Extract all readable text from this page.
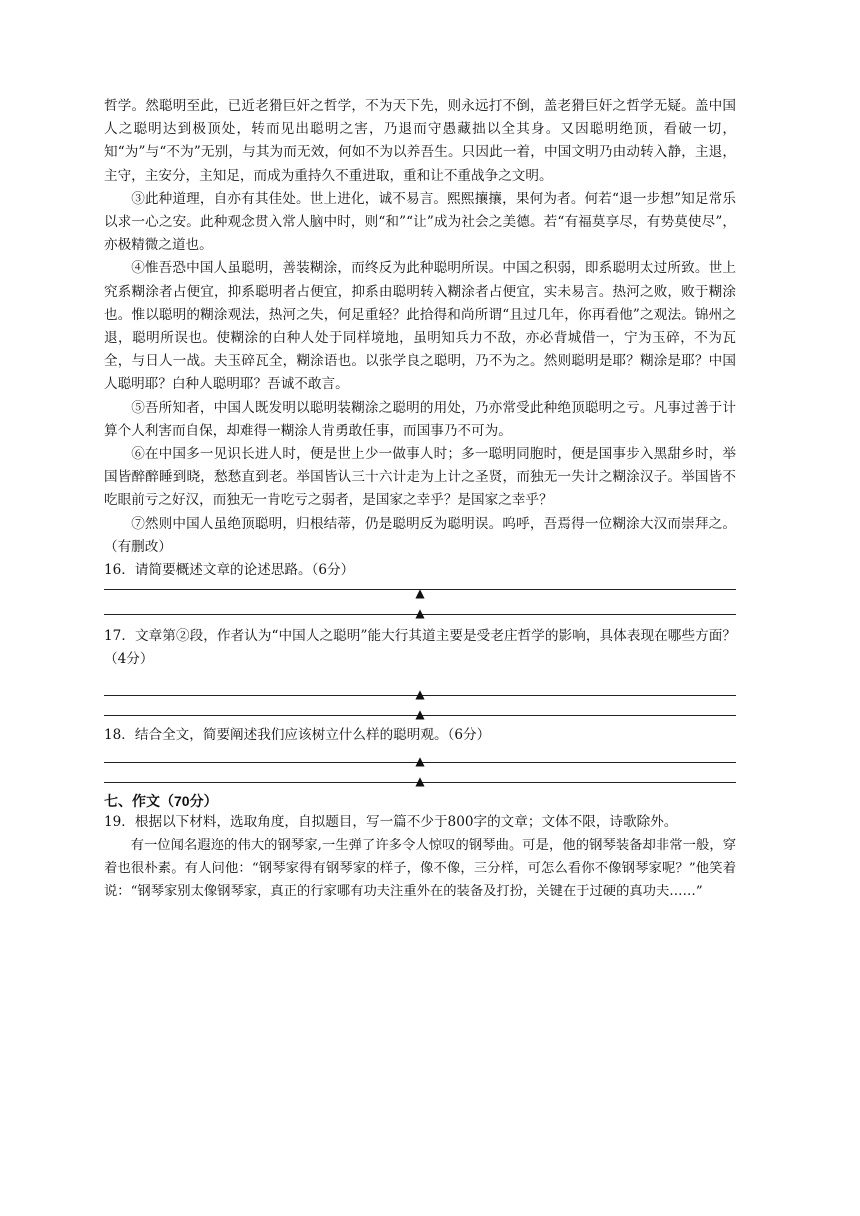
哲学。然聪明至此，已近老猾巨奸之哲学，不为天下先，则永远打不倒，盖老猾巨奸之哲学无疑。盖中国人之聪明达到极顶处，转而见出聪明之害，乃退而守愚藏拙以全其身。又因聪明绝顶，看破一切，知“为”与“不为”无别，与其为而无效，何如不为以养吾生。只因此一着，中国文明乃由动转入静，主退，主守，主安分，主知足，而成为重持久不重进取，重和让不重战争之文明。

③此种道理，自亦有其佳处。世上进化，诚不易言。熙熙攘攘，果何为者。何若“退一步想”知足常乐以求一心之安。此种观念贯入常人脑中时，则“和”“让”成为社会之美德。若“有福莫享尽，有势莫使尽”，亦极精微之道也。

④惟吾恐中国人虽聪明，善装糊涂，而终反为此种聪明所误。中国之积弱，即系聪明太过所致。世上究系糊涂者占便宜，抑系聪明者占便宜，抑系由聪明转入糊涂者占便宜，实未易言。热河之败，败于糊涂也。惟以聪明的糊涂观法，热河之失，何足重轻？此拾得和尚所谓“且过几年，你再看他”之观法。锦州之退，聪明所误也。使糊涂的白种人处于同样境地，虽明知兵力不敌，亦必背城借一，宁为玉碎，不为瓦全，与日人一战。夫玉碎瓦全，糊涂语也。以张学良之聪明，乃不为之。然则聪明是耶？糊涂是耶？中国人聪明耶？白种人聪明耶？吾诚不敢言。

⑤吾所知者，中国人既发明以聪明装糊涂之聪明的用处，乃亦常受此种绝顶聪明之亏。凡事过善于计算个人利害而自保，却难得一糊涂人肯勇敢任事，而国事乃不可为。

⑥在中国多一见识长进人时，便是世上少一做事人时；多一聪明同胞时，便是国事步入黑甜乡时，举国皆醉醉睡到晓，愁愁直到老。举国皆认三十六计走为上计之圣贤，而独无一失计之糊涂汉子。举国皆不吃眼前亏之好汉，而独无一肯吃亏之弱者，是国家之幸乎？是国家之幸乎？

⑦然则中国人虽绝顶聪明，归根结蒂，仍是聪明反为聪明误。呜呼，吾焉得一位糊涂大汉而崇拜之。（有删改）

16．请简要概述文章的论述思路。（6分）

▲
▲

17．文章第②段，作者认为“中国人之聪明”能大行其道主要是受老庄哲学的影响，具体表现在哪些方面？（4分）

▲
▲

18．结合全文，简要阐述我们应该树立什么样的聪明观。（6分）

▲
▲
七、作文（70分）

19．根据以下材料，选取角度，自拟题目，写一篇不少于800字的文章；文体不限，诗歌除外。

有一位闻名遐迩的伟大的钢琴家,一生弹了许多令人惊叹的钢琴曲。可是，他的钢琴装备却非常一般，穿着也很朴素。有人问他：“钢琴家得有钢琴家的样子，像不像，三分样，可怎么看你不像钢琴家呢？”他笑着说：“钢琴家别太像钢琴家，真正的行家哪有功夫注重外在的装备及打扮，关键在于过硬的真功夫……”
